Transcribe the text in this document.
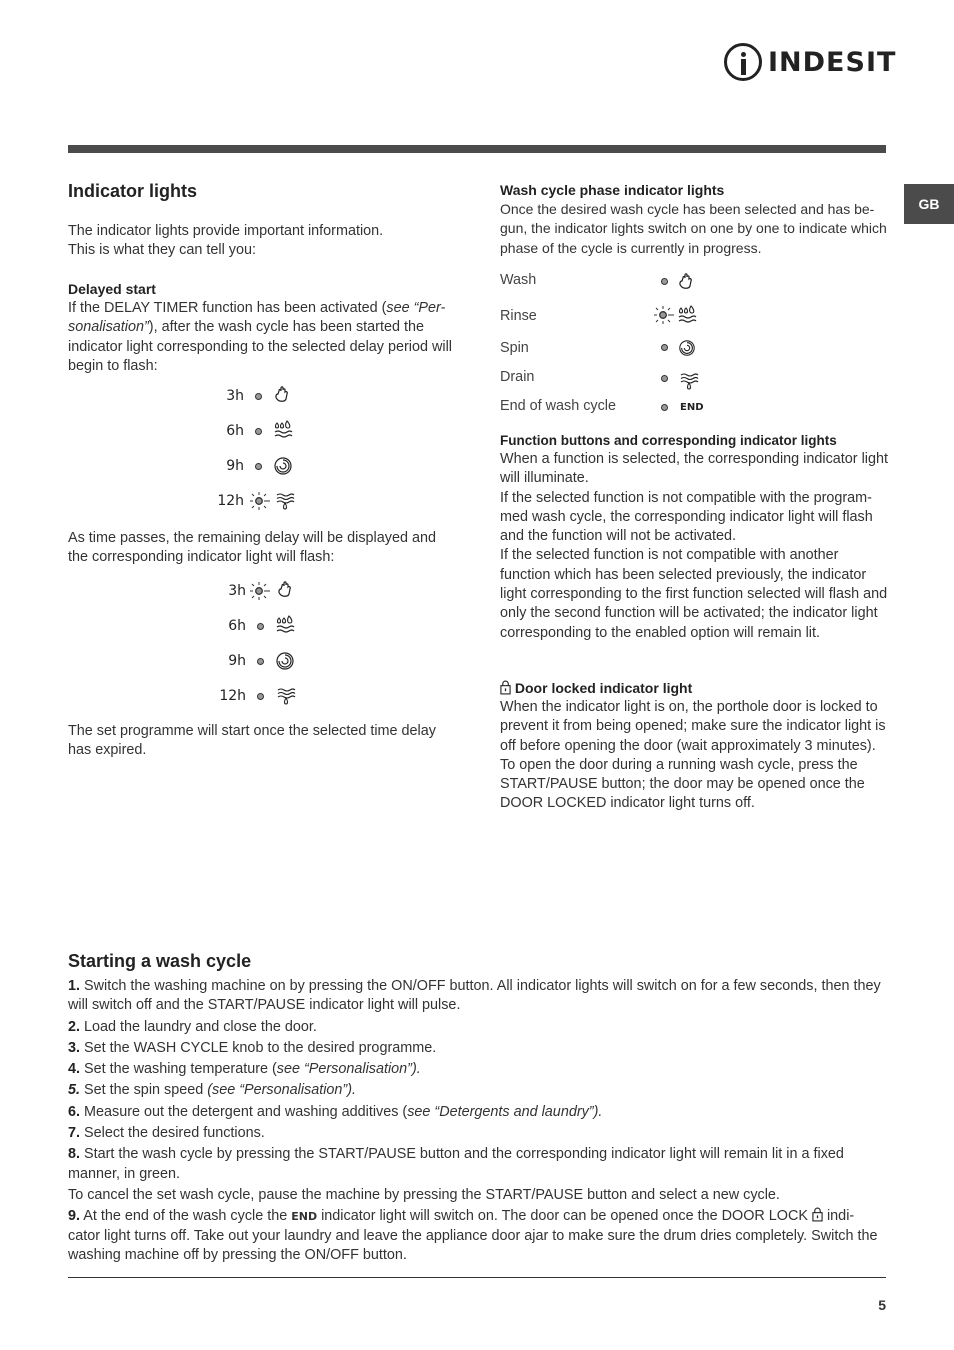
INDESIT
GB
Indicator lights
The indicator lights provide important information.
This is what they can tell you:
Delayed start
If the DELAY TIMER function has been activated (see “Per-sonalisation”), after the wash cycle has been started the indicator light corresponding to the selected delay period will begin to flash:
3h
6h
9h
12h
As time passes, the remaining delay will be displayed and the corresponding indicator light will flash:
3h
6h
9h
12h
The set programme will start once the selected time delay has expired.
Wash cycle phase indicator lights
Once the desired wash cycle has been selected and has be-gun, the indicator lights switch on one by one to indicate which phase of the cycle is currently in progress.
Wash
Rinse
Spin
Drain
End of wash cycle	END
Function buttons and corresponding indicator lights
When a function is selected, the corresponding indicator light will illuminate.
If the selected function is not compatible with the program-med wash cycle, the corresponding indicator light will flash and the function will not be activated.
If the selected function is not compatible with another function which has been selected previously, the indicator light corresponding to the first function selected will flash and only the second function will be activated; the indicator light corresponding to the enabled option will remain lit.
Door locked indicator light
When the indicator light is on, the porthole door is locked to prevent it from being opened; make sure the indicator light is off before opening the door (wait approximately 3 minutes). To open the door during a running wash cycle, press the START/PAUSE button; the door may be opened once the DOOR LOCKED indicator light turns off.
Starting a wash cycle

1. Switch the washing machine on by pressing the ON/OFF button. All indicator lights will switch on for a few seconds, then they will switch off and the START/PAUSE indicator light will pulse.

2. Load the laundry and close the door.

3. Set the WASH CYCLE knob to the desired programme.

4. Set the washing temperature (see “Personalisation”).

5. Set the spin speed (see “Personalisation”).

6. Measure out the detergent and washing additives (see “Detergents and laundry”).

7. Select the desired functions.

8. Start the wash cycle by pressing the START/PAUSE button and the corresponding indicator light will remain lit in a fixed manner, in green.

To cancel the set wash cycle, pause the machine by pressing the START/PAUSE button and select a new cycle.

9. At the end of the wash cycle the END indicator light will switch on. The door can be opened once the DOOR LOCK indi-cator light turns off. Take out your laundry and leave the appliance door ajar to make sure the drum dries completely. Switch the washing machine off by pressing the ON/OFF button.

5
